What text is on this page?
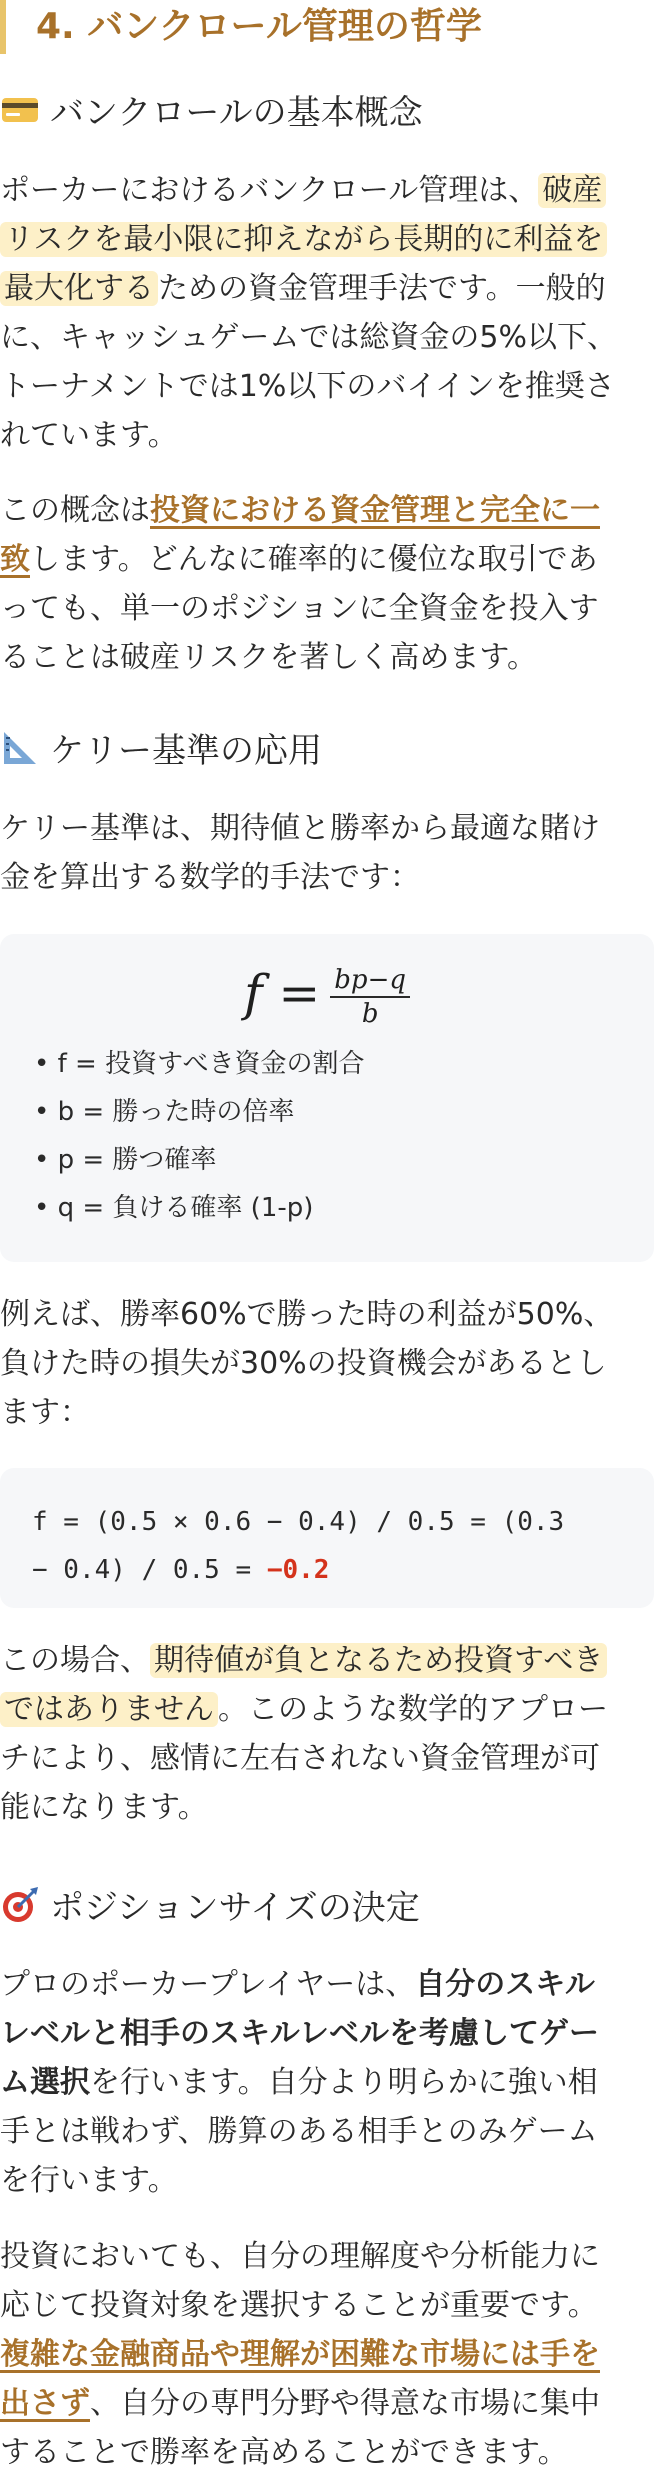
4. バンクロール管理の哲学
バンクロールの基本概念
ポーカーにおけるバンクロール管理は、 破産
リスクを最小限に抑えながら長期的に利益を
最大化する ための資金管理手法です。一般的
に、キャッシュゲームでは総資金の5%以下、
トーナメントでは1%以下のバイインを推奨さ
れています。
この概念は投資における資金管理と完全に一
致します。どんなに確率的に優位な取引であ
っても、単一のポジションに全資金を投入す
ることは破産リスクを著しく高めます。
ケリー基準の応用
ケリー基準は、期待値と勝率から最適な賭け
金を算出する数学的手法です：
$f = \frac{bp-q}{b}$
• f = 投資すべき資金の割合
• b = 勝った時の倍率
• p = 勝つ確率
• q = 負ける確率 (1-p)
例えば、勝率60%で勝った時の利益が50%、
負けた時の損失が30%の投資機会があるとし
ます：
f = (0.5 × 0.6 − 0.4) / 0.5 = (0.3
− 0.4) / 0.5 = −0.2
この場合、 期待値が負となるため投資すべき
ではありません 。このような数学的アプロー
チにより、感情に左右されない資金管理が可
能になります。
ポジションサイズの決定
プロのポーカープレイヤーは、自分のスキル
レベルと相手のスキルレベルを考慮してゲー
ム選択を行います。自分より明らかに強い相
手とは戦わず、勝算のある相手とのみゲーム
を行います。
投資においても、自分の理解度や分析能力に
応じて投資対象を選択することが重要です。
複雑な金融商品や理解が困難な市場には手を
出さず、自分の専門分野や得意な市場に集中
することで勝率を高めることができます。
